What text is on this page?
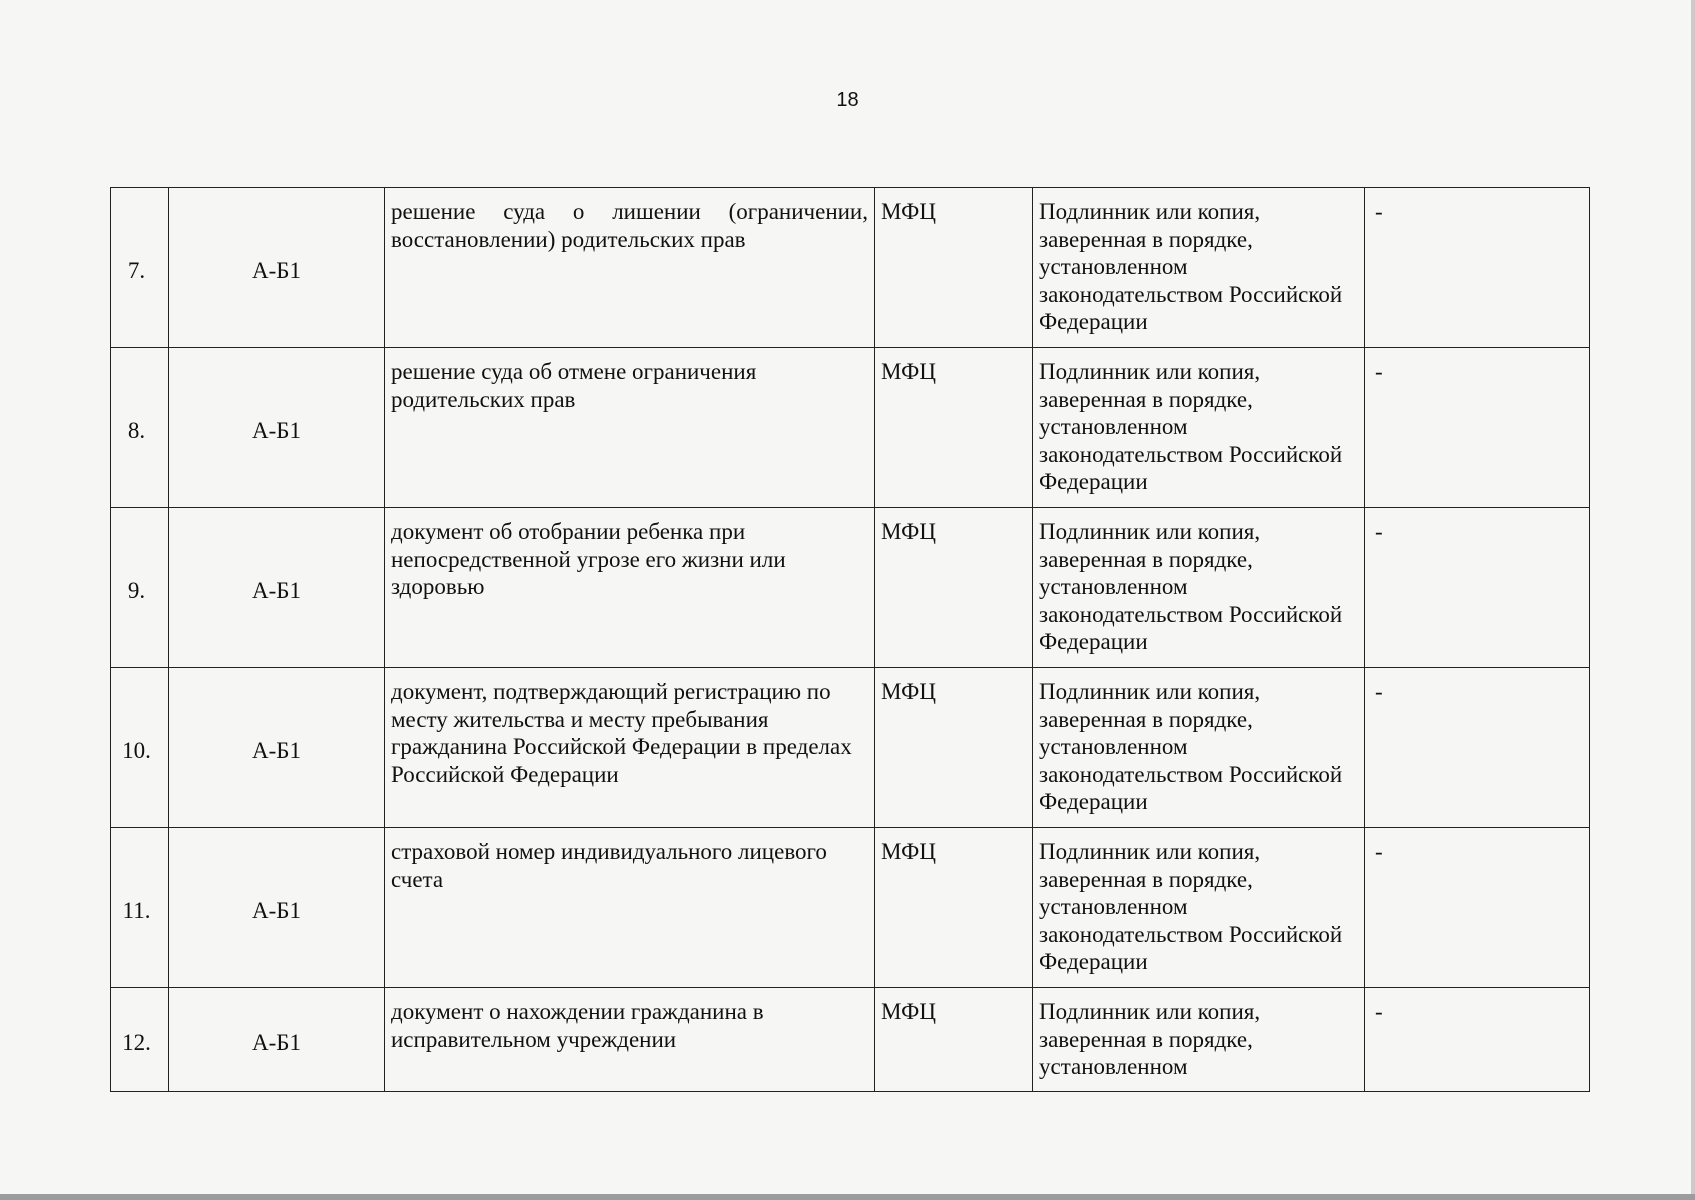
18
7.	А-Б1	решение суда о лишении (ограничении, восстановлении) родительских прав	МФЦ	Подлинник или копия, заверенная в порядке, установленном законодательством Российской Федерации	-
8.	А-Б1	решение суда об отмене ограничения родительских прав	МФЦ	Подлинник или копия, заверенная в порядке, установленном законодательством Российской Федерации	-
9.	А-Б1	документ об отобрании ребенка при непосредственной угрозе его жизни или здоровью	МФЦ	Подлинник или копия, заверенная в порядке, установленном законодательством Российской Федерации	-
10.	А-Б1	документ, подтверждающий регистрацию по месту жительства и месту пребывания гражданина Российской Федерации в пределах Российской Федерации	МФЦ	Подлинник или копия, заверенная в порядке, установленном законодательством Российской Федерации	-
11.	А-Б1	страховой номер индивидуального лицевого счета	МФЦ	Подлинник или копия, заверенная в порядке, установленном законодательством Российской Федерации	-
12.	А-Б1	документ о нахождении гражданина в исправительном учреждении	МФЦ	Подлинник или копия, заверенная в порядке, установленном	-
